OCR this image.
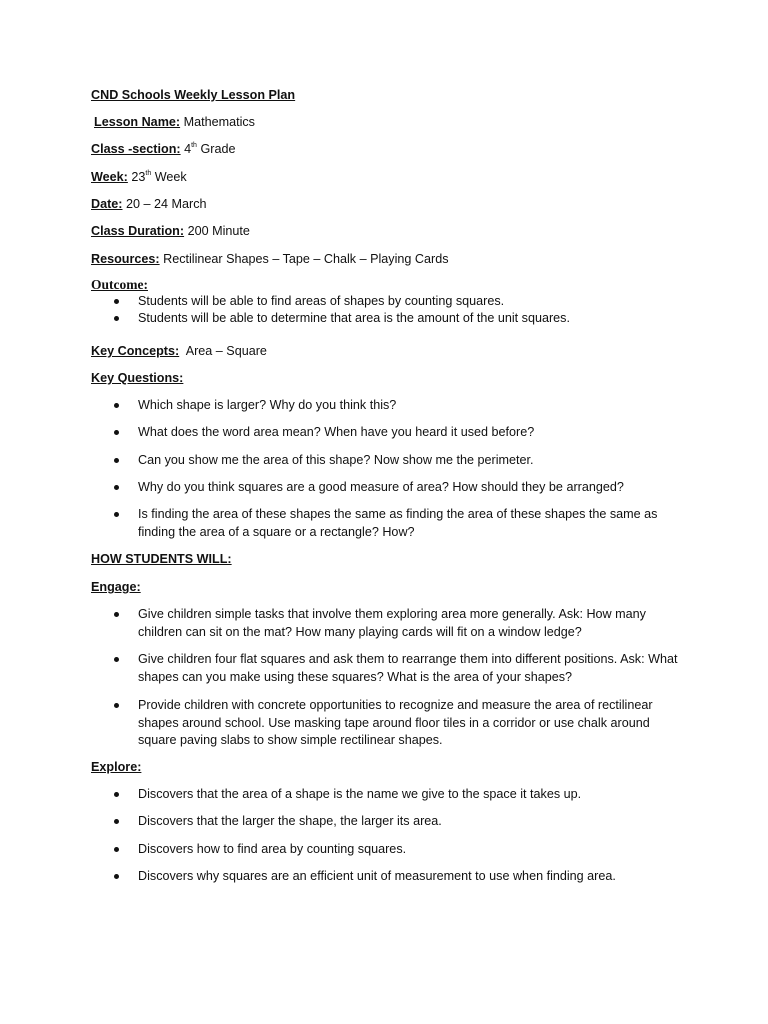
CND Schools Weekly Lesson Plan
Lesson Name: Mathematics
Class -section: 4th Grade
Week: 23th Week
Date: 20 – 24 March
Class Duration: 200 Minute
Resources: Rectilinear Shapes – Tape – Chalk – Playing Cards
Outcome:
Students will be able to find areas of shapes by counting squares.
Students will be able to determine that area is the amount of the unit squares.
Key Concepts: Area – Square
Key Questions:
Which shape is larger? Why do you think this?
What does the word area mean? When have you heard it used before?
Can you show me the area of this shape? Now show me the perimeter.
Why do you think squares are a good measure of area? How should they be arranged?
Is finding the area of these shapes the same as finding the area of these shapes the same as finding the area of a square or a rectangle? How?
HOW STUDENTS WILL:
Engage:
Give children simple tasks that involve them exploring area more generally. Ask: How many children can sit on the mat? How many playing cards will fit on a window ledge?
Give children four flat squares and ask them to rearrange them into different positions. Ask: What shapes can you make using these squares? What is the area of your shapes?
Provide children with concrete opportunities to recognize and measure the area of rectilinear shapes around school. Use masking tape around floor tiles in a corridor or use chalk around square paving slabs to show simple rectilinear shapes.
Explore:
Discovers that the area of a shape is the name we give to the space it takes up.
Discovers that the larger the shape, the larger its area.
Discovers how to find area by counting squares.
Discovers why squares are an efficient unit of measurement to use when finding area.
